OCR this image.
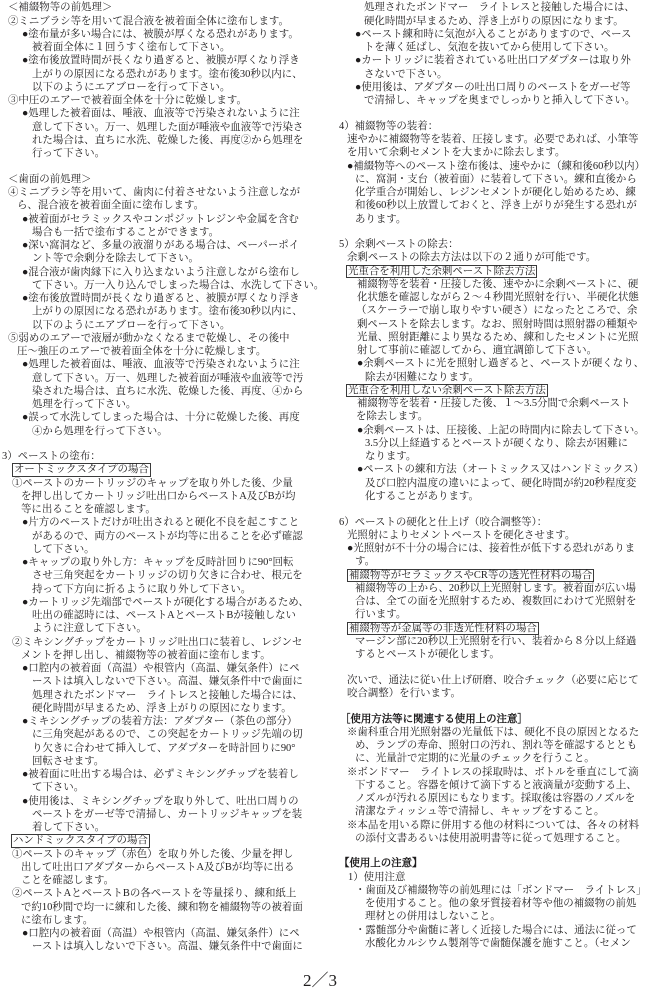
＜補綴物等の前処理＞
②ミニブラシ等を用いて混合液を被着面全体に塗布します。
●塗布量が多い場合には、被膜が厚くなる恐れがあります。
被着面全体に１回うすく塗布して下さい。
●塗布後放置時間が長くなり過ぎると、被膜が厚くなり浮き
上がりの原因になる恐れがあります。塗布後30秒以内に、
以下のようにエアブローを行って下さい。
③中圧のエアーで被着面全体を十分に乾燥します。
●処理した被着面は、唾液、血液等で汚染されないように注
意して下さい。万一、処理した面が唾液や血液等で汚染さ
れた場合は、直ちに水洗、乾燥した後、再度②から処理を
行って下さい。
＜歯面の前処理＞
④ミニブラシ等を用いて、歯肉に付着させないよう注意しなが
ら、混合液を被着面全面に塗布します。
●被着面がセラミックスやコンポジットレジンや金属を含む
場合も一括で塗布することができます。
●深い窩洞など、多量の液溜りがある場合は、ペーパーポイ
ント等で余剰分を除去して下さい。
●混合液が歯肉縁下に入り込まないよう注意しながら塗布し
て下さい。万一入り込んでしまった場合は、水洗して下さい。
●塗布後放置時間が長くなり過ぎると、被膜が厚くなり浮き
上がりの原因になる恐れがあります。塗布後30秒以内に、
以下のようにエアブローを行って下さい。
⑤弱めのエアーで液層が動かなくなるまで乾燥し、その後中
圧～強圧のエアーで被着面全体を十分に乾燥します。
●処理した被着面は、唾液、血液等で汚染されないように注
意して下さい。万一、処理した被着面が唾液や血液等で汚
染された場合は、直ちに水洗、乾燥した後、再度、④から
処理を行って下さい。
●誤って水洗してしまった場合は、十分に乾燥した後、再度
④から処理を行って下さい。
3）ペーストの塗布：
オートミックスタイプの場合
①ペーストのカートリッジのキャップを取り外した後、少量
を押し出してカートリッジ吐出口からペーストA及びBが均
等に出ることを確認します。
●片方のペーストだけが吐出されると硬化不良を起こすこと
があるので、両方のペーストが均等に出ることを必ず確認
して下さい。
●キャップの取り外し方：キャップを反時計回りに90°回転
させ三角突起をカートリッジの切り欠きに合わせ、根元を
持って下方向に折るように取り外して下さい。
●カートリッジ先端部でペーストが硬化する場合があるため、
吐出の確認時には、ペーストAとペーストBが接触しない
ように注意して下さい。
②ミキシングチップをカートリッジ吐出口に装着し、レジンセ
メントを押し出し、補綴物等の被着面に塗布します。
●口腔内の被着面（高温）や根管内（高温、嫌気条件）にペ
ーストは填入しないで下さい。高温、嫌気条件中で歯面に
処理されたボンドマー　ライトレスと接触した場合には、
硬化時間が早まるため、浮き上がりの原因になります。
●ミキシングチップの装着方法：アダプター（茶色の部分）
に三角突起があるので、この突起をカートリッジ先端の切
り欠きに合わせて挿入して、アダプターを時計回りに90°
回転させます。
●被着面に吐出する場合は、必ずミキシングチップを装着し
て下さい。
●使用後は、ミキシングチップを取り外して、吐出口周りの
ペーストをガーゼ等で清掃し、カートリッジキャップを装
着して下さい。
ハンドミックスタイプの場合
①ペーストのキャップ（赤色）を取り外した後、少量を押し
出して吐出口アダプターからペーストA及びBが均等に出る
ことを確認します。
②ペーストAとペーストBの各ペーストを等量採り、練和紙上
で約10秒間で均一に練和した後、練和物を補綴物等の被着面
に塗布します。
●口腔内の被着面（高温）や根管内（高温、嫌気条件）にペ
ーストは填入しないで下さい。高温、嫌気条件中で歯面に
処理されたボンドマー　ライトレスと接触した場合には、
硬化時間が早まるため、浮き上がりの原因になります。
●ペースト練和時に気泡が入ることがありますので、ペース
トを薄く延ばし、気泡を抜いてから使用して下さい。
●カートリッジに装着されている吐出口アダプターは取り外
さないで下さい。
●使用後は、アダプターの吐出口周りのペーストをガーゼ等
で清掃し、キャップを奥までしっかりと挿入して下さい。
4）補綴物等の装着：
速やかに補綴物等を装着、圧接します。必要であれば、小筆等
を用いて余剰セメントを大まかに除去します。
●補綴物等へのペースト塗布後は、速やかに（練和後60秒以内）
に、窩洞・支台（被着面）に装着して下さい。練和直後から
化学重合が開始し、レジンセメントが硬化し始めるため、練
和後60秒以上放置しておくと、浮き上がりが発生する恐れが
あります。
5）余剰ペーストの除去：
余剰ペーストの除去方法は以下の２通りが可能です。
光重合を利用した余剰ペースト除去方法
補綴物等を装着・圧接した後、速やかに余剰ペーストに、硬
化状態を確認しながら２～４秒間光照射を行い、半硬化状態
（スケーラーで崩し取りやすい硬さ）になったところで、余
剰ペーストを除去します。なお、照射時間は照射器の種類や
光量、照射距離により異なるため、練和したセメントに光照
射して事前に確認してから、適宜調節して下さい。
●余剰ペーストに光を照射し過ぎると、ペーストが硬くなり、
除去が困難になります。
光重合を利用しない余剰ペースト除去方法
補綴物等を装着・圧接した後、１～3.5分間で余剰ペースト
を除去します。
●余剰ペーストは、圧接後、上記の時間内に除去して下さい。
3.5分以上経過するとペーストが硬くなり、除去が困難に
なります。
●ペーストの練和方法（オートミックス又はハンドミックス）
及び口腔内温度の違いによって、硬化時間が約20秒程度変
化することがあります。
6）ペーストの硬化と仕上げ（咬合調整等）：
光照射によりセメントペーストを硬化させます。
●光照射が不十分の場合には、接着性が低下する恐れがありま
す。
補綴物等がセラミックスやCR等の透光性材料の場合
補綴物等の上から、20秒以上光照射します。被着面が広い場
合は、全ての面を光照射するため、複数回にわけて光照射を
行います。
補綴物等が金属等の非透光性材料の場合
マージン部に20秒以上光照射を行い、装着から８分以上経過
するとペーストが硬化します。
次いで、通法に従い仕上げ研磨、咬合チェック（必要に応じて
咬合調整）を行います。
［使用方法等に関連する使用上の注意］
※歯科重合用光照射器の光量低下は、硬化不良の原因となるた
め、ランプの寿命、照射口の汚れ、割れ等を確認するととも
に、光量計で定期的に光量のチェックを行うこと。
※ボンドマー　ライトレスの採取時は、ボトルを垂直にして滴
下すること。容器を傾けて滴下すると液滴量が変動する上、
ノズルが汚れる原因にもなります。採取後は容器のノズルを
清潔なティッシュ等で清掃し、キャップをすること。
※本品を用いる際に併用する他の材料については、各々の材料
の添付文書あるいは使用説明書等に従って処理すること。
【使用上の注意】
1）使用注意
・歯面及び補綴物等の前処理には「ボンドマー　ライトレス」
を使用すること。他の象牙質接着材等や他の補綴物の前処
理材との併用はしないこと。
・露髄部分や歯髄に著しく近接した場合には、通法に従って
水酸化カルシウム製剤等で歯髄保護を施すこと。（セメン
2／3
